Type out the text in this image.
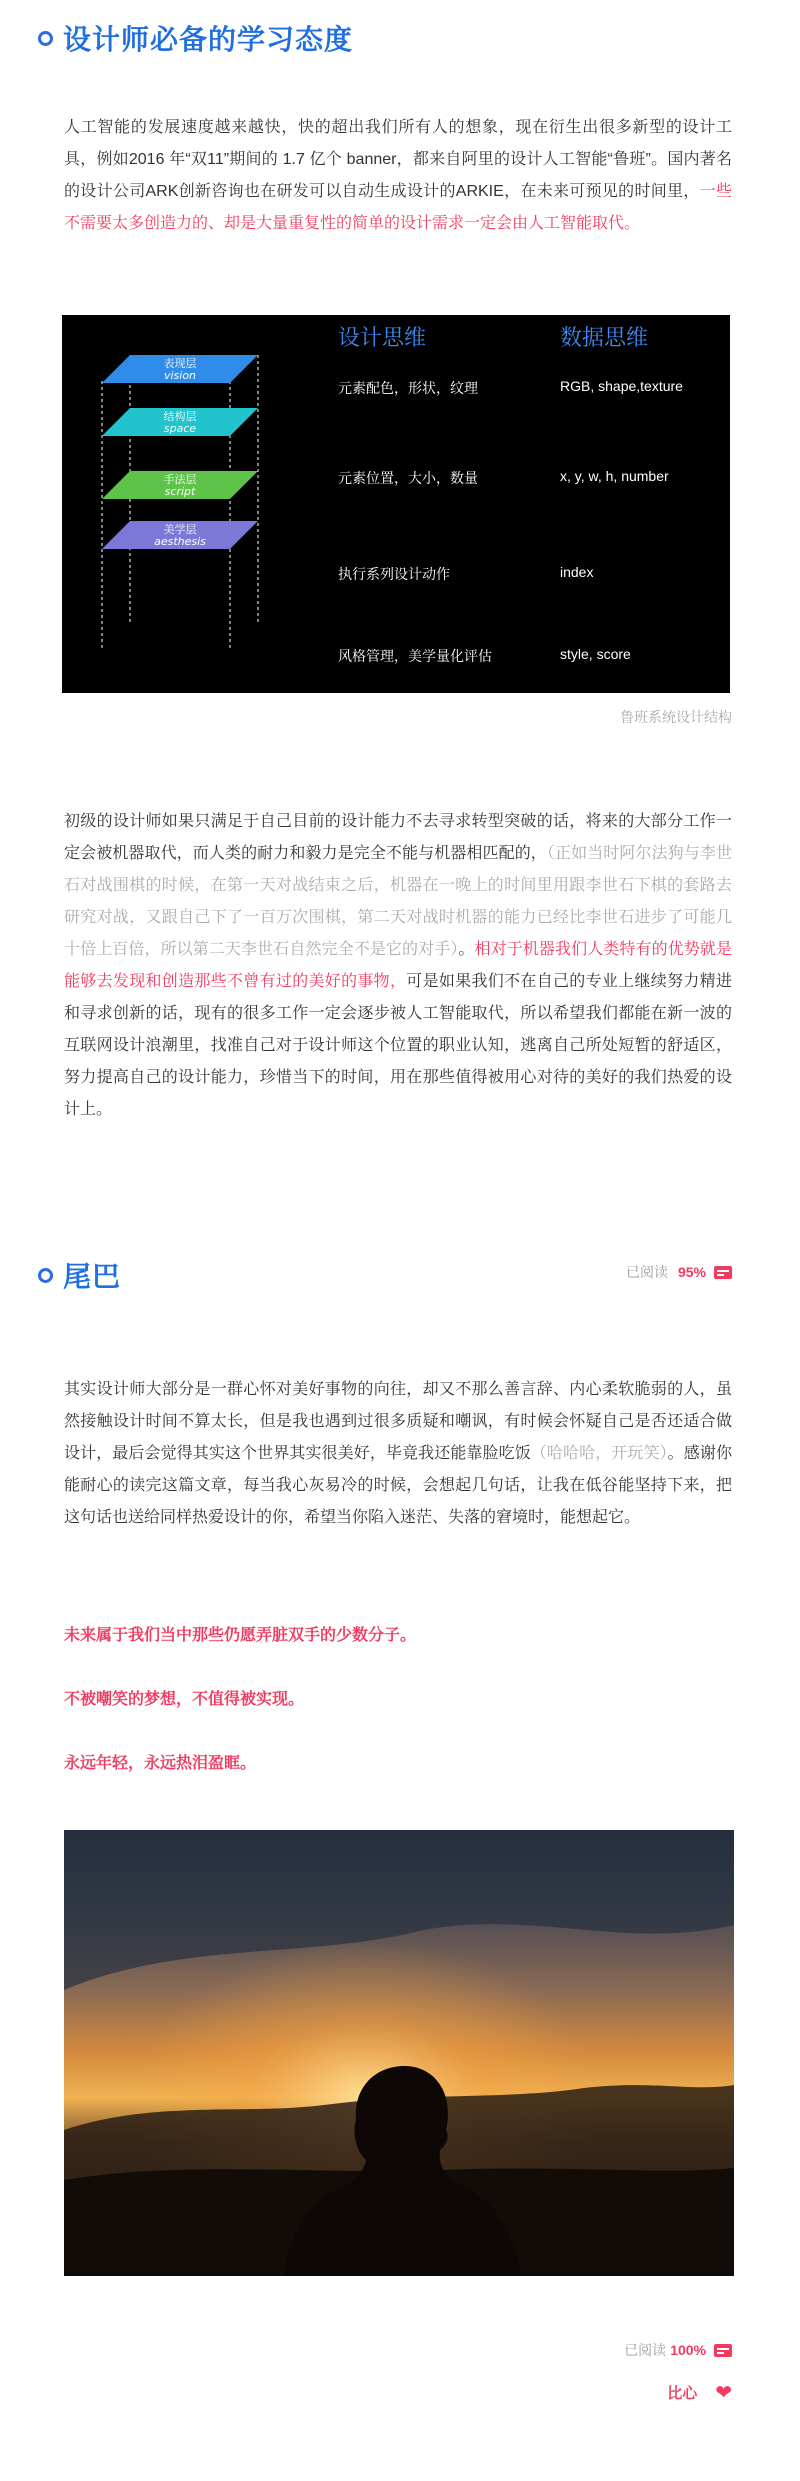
设计师必备的学习态度
人工智能的发展速度越来越快，快的超出我们所有人的想象，现在衍生出很多新型的设计工具，例如2016 年“双11”期间的 1.7 亿个 banner，都来自阿里的设计人工智能“鲁班”。国内著名的设计公司ARK创新咨询也在研发可以自动生成设计的ARKIE，在未来可预见的时间里，一些不需要太多创造力的、却是大量重复性的简单的设计需求一定会由人工智能取代。
表现层
vision
结构层
space
手法层
script
美学层
aesthesis
设计思维	数据思维
元素配色，形状，纹理	RGB, shape,texture
元素位置，大小，数量	x, y, w, h, number
执行系列设计动作	index
风格管理，美学量化评估	style, score
鲁班系统设计结构
初级的设计师如果只满足于自己目前的设计能力不去寻求转型突破的话，将来的大部分工作一定会被机器取代，而人类的耐力和毅力是完全不能与机器相匹配的，（正如当时阿尔法狗与李世石对战围棋的时候，在第一天对战结束之后，机器在一晚上的时间里用跟李世石下棋的套路去研究对战，又跟自己下了一百万次围棋，第二天对战时机器的能力已经比李世石进步了可能几十倍上百倍，所以第二天李世石自然完全不是它的对手）。相对于机器我们人类特有的优势就是能够去发现和创造那些不曾有过的美好的事物，可是如果我们不在自己的专业上继续努力精进和寻求创新的话，现有的很多工作一定会逐步被人工智能取代，所以希望我们都能在新一波的互联网设计浪潮里，找准自己对于设计师这个位置的职业认知，逃离自己所处短暂的舒适区，努力提高自己的设计能力，珍惜当下的时间，用在那些值得被用心对待的美好的我们热爱的设计上。
尾巴	已阅读 95%
其实设计师大部分是一群心怀对美好事物的向往，却又不那么善言辞、内心柔软脆弱的人，虽然接触设计时间不算太长，但是我也遇到过很多质疑和嘲讽，有时候会怀疑自己是否还适合做设计，最后会觉得其实这个世界其实很美好，毕竟我还能靠脸吃饭（哈哈哈，开玩笑）。感谢你能耐心的读完这篇文章，每当我心灰易冷的时候，会想起几句话，让我在低谷能坚持下来，把这句话也送给同样热爱设计的你，希望当你陷入迷茫、失落的窘境时，能想起它。
未来属于我们当中那些仍愿弄脏双手的少数分子。
不被嘲笑的梦想，不值得被实现。
永远年轻，永远热泪盈眶。
已阅读 100%
比心 ❤
